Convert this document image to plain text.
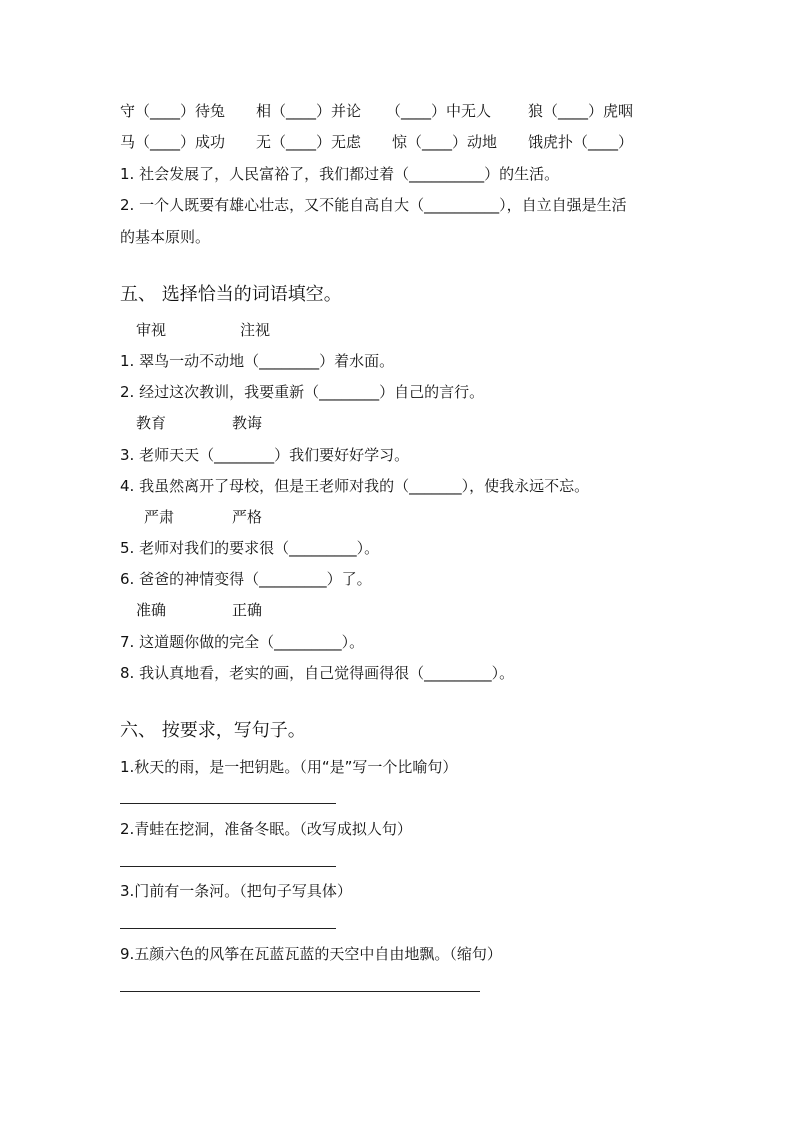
守（____）待兔 相（____）并论 （____）中无人 狼（____）虎咽
马（____）成功 无（____）无虑 惊（____）动地 饿虎扑（____）
1. 社会发展了，人民富裕了，我们都过着（__________）的生活。
2. 一个人既要有雄心壮志，又不能自高自大（__________），自立自强是生活
的基本原则。
五、 选择恰当的词语填空。
审视	注视
1. 翠鸟一动不动地（________）着水面。
2. 经过这次教训，我要重新（________）自己的言行。
教育	教诲
3. 老师天天（________）我们要好好学习。
4. 我虽然离开了母校，但是王老师对我的（_______），使我永远不忘。
严肃	严格
5. 老师对我们的要求很（_________）。
6. 爸爸的神情变得（_________）了。
准确	正确
7. 这道题你做的完全（_________）。
8. 我认真地看，老实的画，自己觉得画得很（_________）。
六、 按要求，写句子。
1.秋天的雨，是一把钥匙。（用“是”写一个比喻句）
2.青蛙在挖洞，准备冬眠。（改写成拟人句）
3.门前有一条河。（把句子写具体）
9.五颜六色的风筝在瓦蓝瓦蓝的天空中自由地飘。（缩句）
